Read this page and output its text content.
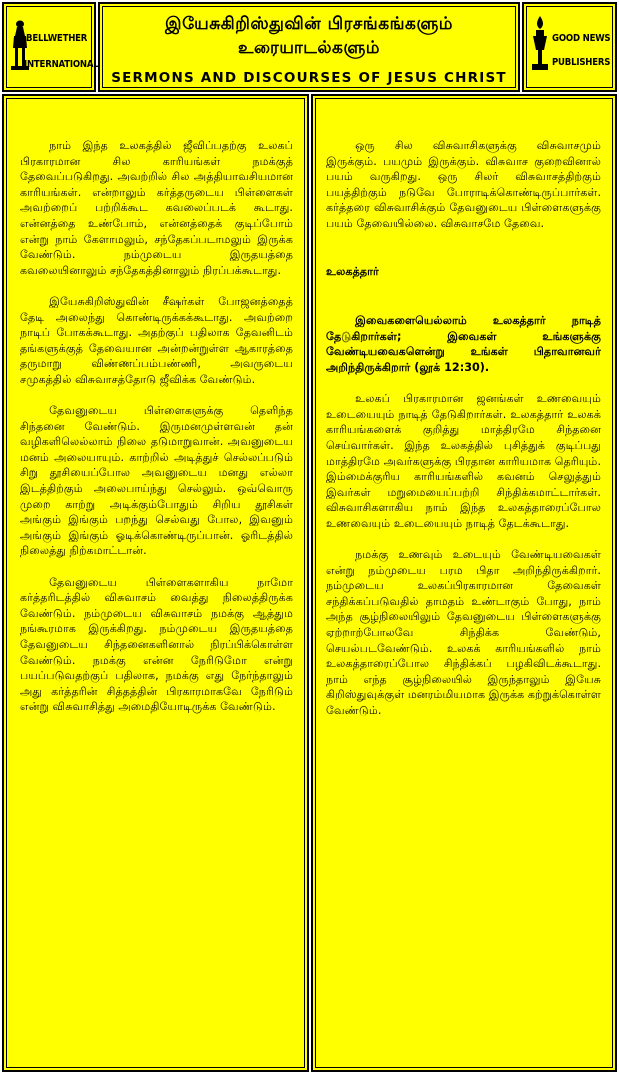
BELLWETHER
INTERNATIONAL
இயேசுகிறிஸ்துவின் பிரசங்கங்களும்
உரையாடல்களும்
SERMONS AND DISCOURSES OF JESUS CHRIST
GOOD NEWS
PUBLISHERS

நாம் இந்த உலகத்தில் ஜீவிப்பதற்கு உலகப் பிரகாரமான சில காரியங்கள் நமக்குத் தேவைப்படுகிறது. அவற்றில் சில அத்தியாவசியமான காரியங்கள். என்றாலும் கர்த்தருடைய பிள்ளைகள் அவற்றைப் பற்றிக்கூட கவலைப்படக் கூடாது. என்னத்தை உண்போம், என்னத்தைக் குடிப்போம் என்று நாம் கேளாமலும், சந்தேகப்படாமலும் இருக்க வேண்டும். நம்முடைய இருதயத்தை கவலையினாலும் சந்தேகத்தினாலும் நிரப்பக்கூடாது.

இயேசுகிறிஸ்துவின் சீஷர்கள் போஜனத்தைத் தேடி அலைந்து கொண்டிருக்கக்கூடாது. அவற்றை நாடிப் போகக்கூடாது. அதற்குப் பதிலாக தேவனிடம் தங்களுக்குத் தேவையான அன்றன்றுள்ள ஆகாரத்தை தருமாறு விண்ணப்பம்பண்ணி, அவருடைய சமுகத்தில் விசுவாசத்தோடு ஜீவிக்க வேண்டும்.

தேவனுடைய பிள்ளைகளுக்கு தெளிந்த சிந்தனை வேண்டும். இருமனமுள்ளவன் தன் வழிகளிலெல்லாம் நிலை தடுமாறுவான். அவனுடைய மனம் அலையாயும். காற்றில் அடித்துச் செல்லப்படும் சிறு தூசியைப்போல அவனுடைய மனது எல்லா இடத்திற்கும் அலைபாய்ந்து செல்லும். ஒவ்வொரு முறை காற்று அடிக்கும்போதும் சிறிய தூசிகள் அங்கும் இங்கும் பறந்து செல்வது போல, இவனும் அங்கும் இங்கும் ஓடிக்கொண்டிருப்பான். ஓரிடத்தில் நிலைத்து நிற்கமாட்டான்.

தேவனுடைய பிள்ளைகளாகிய நாமோ கர்த்தரிடத்தில் விசுவாசம் வைத்து நிலைத்திருக்க வேண்டும். நம்முடைய விசுவாசம் நமக்கு ஆத்தும நங்கூரமாக இருக்கிறது. நம்முடைய இருதயத்தை தேவனுடைய சிந்தனைகளினால் நிரப்பிக்கொள்ள வேண்டும். நமக்கு என்ன நேரிடுமோ என்று பயப்படுவதற்குப் பதிலாக, நமக்கு எது நேர்ந்தாலும் அது கர்த்தரின் சித்தத்தின் பிரகாரமாகவே நேரிடும் என்று விசுவாசித்து அமைதியோடிருக்க வேண்டும்.

ஒரு சில விசுவாசிகளுக்கு விசுவாசமும் இருக்கும். பயமும் இருக்கும். விசுவாச குறைவினால் பயம் வருகிறது. ஒரு சிலர் விசுவாசத்திற்கும் பயத்திற்கும் நடுவே போராடிக்கொண்டிருப்பார்கள். கர்த்தரை விசுவாசிக்கும் தேவனுடைய பிள்ளைகளுக்கு பயம் தேவையில்லை. விசுவாசமே தேவை.

உலகத்தார்

இவைகளையெல்லாம் உலகத்தார் நாடித் தேடுகிறார்கள்; இவைகள் உங்களுக்கு வேண்டியவைகளென்று உங்கள் பிதாவானவர் அறிந்திருக்கிறார் (லூக் 12:30).

உலகப் பிரகாரமான ஜனங்கள் உணவையும் உடையையும் நாடித் தேடுகிறார்கள். உலகத்தார் உலகக் காரியங்களைக் குறித்து மாத்திரமே சிந்தனை செய்வார்கள். இந்த உலகத்தில் புசித்துக் குடிப்பது மாத்திரமே அவர்களுக்கு பிரதான காரியமாக தெரியும். இம்மைக்குரிய காரியங்களில் கவனம் செலுத்தும் இவர்கள் மறுமையைப்பற்றி சிந்திக்கமாட்டார்கள். விசுவாசிகளாகிய நாம் இந்த உலகத்தாரைப்போல உணவையும் உடையையும் நாடித் தேடக்கூடாது.

நமக்கு உணவும் உடையும் வேண்டியவைகள் என்று நம்முடைய பரம பிதா அறிந்திருக்கிறார். நம்முடைய உலகப்பிரகாரமான தேவைகள் சந்திக்கப்படுவதில் தாமதம் உண்டாகும் போது, நாம் அந்த சூழ்நிலையிலும் தேவனுடைய பிள்ளைகளுக்கு ஏற்றாற்போலவே சிந்திக்க வேண்டும், செயல்படவேண்டும். உலகக் காரியங்களில் நாம் உலகத்தாரைப்போல சிந்திக்கப் பழகிவிடக்கூடாது. நாம் எந்த சூழ்நிலையில் இருந்தாலும் இயேசு கிறிஸ்துவுக்குள் மனரம்மியமாக இருக்க கற்றுக்கொள்ள வேண்டும்.
